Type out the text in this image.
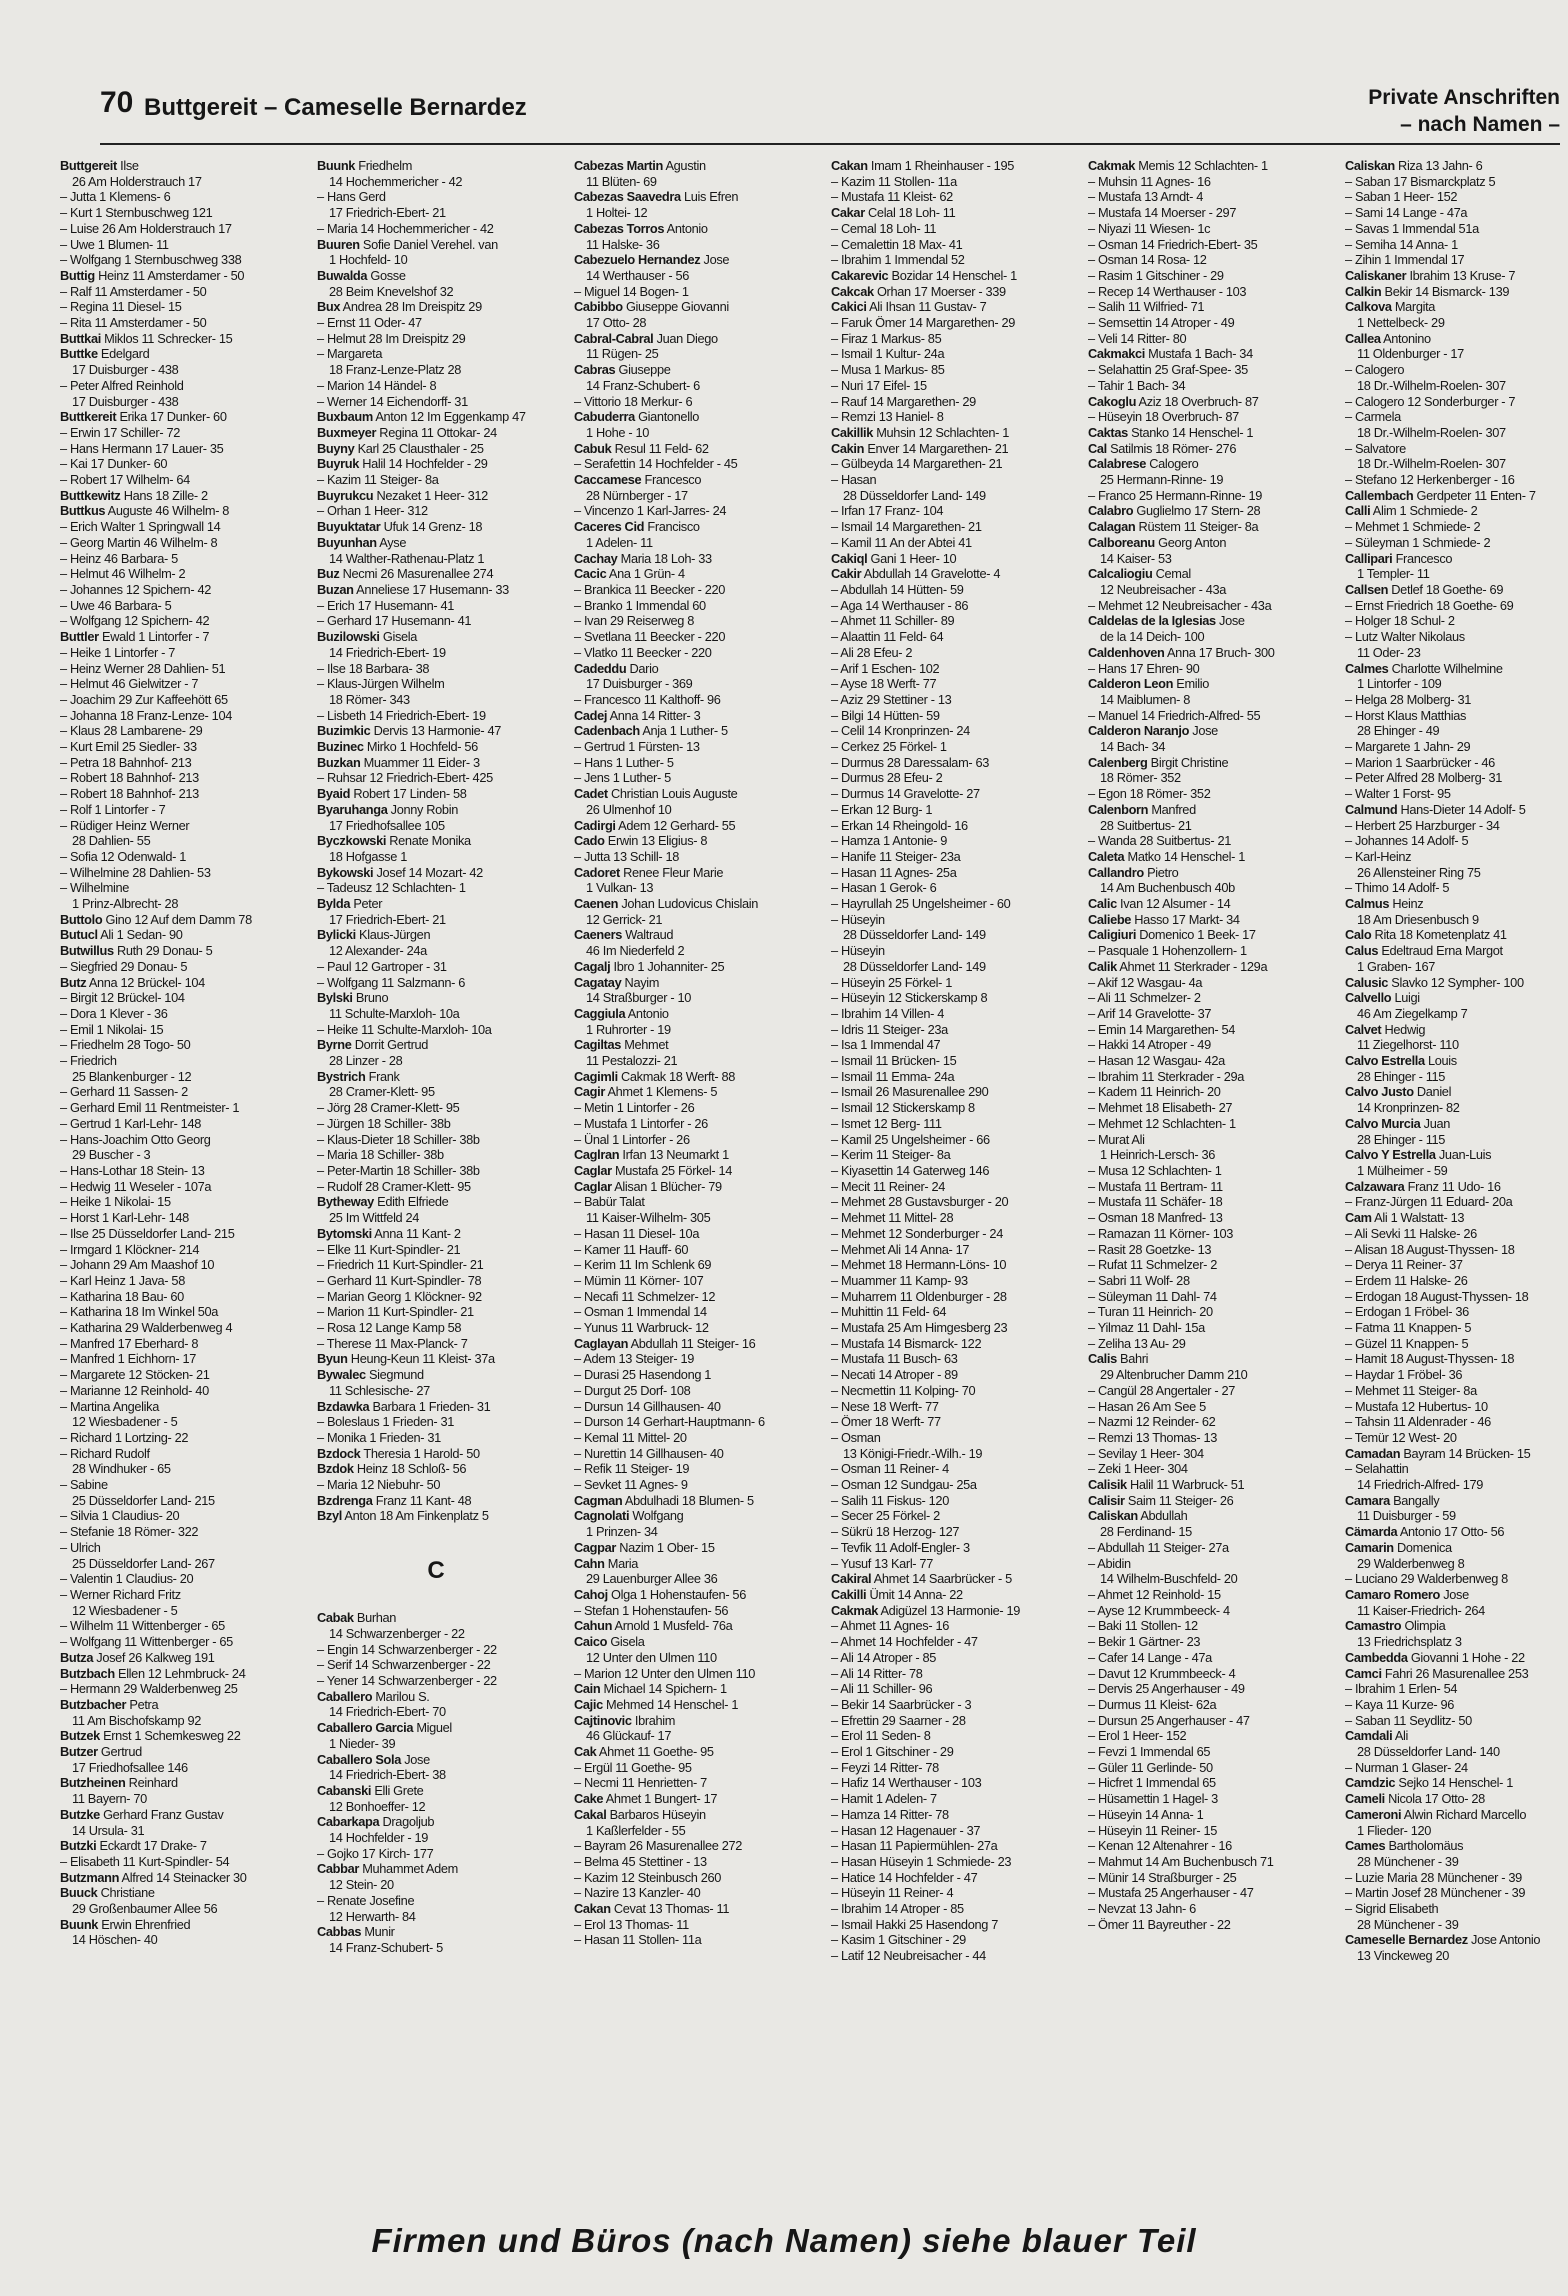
70 Buttgereit – Cameselle Bernardez	Private Anschriften
– nach Namen –
Buttgereit Ilse
26 Am Holderstrauch 17
– Jutta 1 Klemens- 6
– Kurt 1 Sternbuschweg 121
– Luise 26 Am Holderstrauch 17
– Uwe 1 Blumen- 11
– Wolfgang 1 Sternbuschweg 338
Buttig Heinz 11 Amsterdamer - 50
– Ralf 11 Amsterdamer - 50
– Regina 11 Diesel- 15
– Rita 11 Amsterdamer - 50
Buttkai Miklos 11 Schrecker- 15
Buttke Edelgard
17 Duisburger - 438
– Peter Alfred Reinhold
17 Duisburger - 438
Buttkereit Erika 17 Dunker- 60
– Erwin 17 Schiller- 72
– Hans Hermann 17 Lauer- 35
– Kai 17 Dunker- 60
– Robert 17 Wilhelm- 64
Buttkewitz Hans 18 Zille- 2
Buttkus Auguste 46 Wilhelm- 8
– Erich Walter 1 Springwall 14
– Georg Martin 46 Wilhelm- 8
– Heinz 46 Barbara- 5
– Helmut 46 Wilhelm- 2
– Johannes 12 Spichern- 42
– Uwe 46 Barbara- 5
– Wolfgang 12 Spichern- 42
Buttler Ewald 1 Lintorfer - 7
– Heike 1 Lintorfer - 7
– Heinz Werner 28 Dahlien- 51
– Helmut 46 Gielwitzer - 7
– Joachim 29 Zur Kaffeehött 65
– Johanna 18 Franz-Lenze- 104
– Klaus 28 Lambarene- 29
– Kurt Emil 25 Siedler- 33
– Petra 18 Bahnhof- 213
– Robert 18 Bahnhof- 213
– Robert 18 Bahnhof- 213
– Rolf 1 Lintorfer - 7
– Rüdiger Heinz Werner
28 Dahlien- 55
– Sofia 12 Odenwald- 1
– Wilhelmine 28 Dahlien- 53
– Wilhelmine
1 Prinz-Albrecht- 28
Buttolo Gino 12 Auf dem Damm 78
Butucl Ali 1 Sedan- 90
Butwillus Ruth 29 Donau- 5
– Siegfried 29 Donau- 5
Butz Anna 12 Brückel- 104
– Birgit 12 Brückel- 104
– Dora 1 Klever - 36
– Emil 1 Nikolai- 15
– Friedhelm 28 Togo- 50
– Friedrich
25 Blankenburger - 12
– Gerhard 11 Sassen- 2
– Gerhard Emil 11 Rentmeister- 1
– Gertrud 1 Karl-Lehr- 148
– Hans-Joachim Otto Georg
29 Buscher - 3
– Hans-Lothar 18 Stein- 13
– Hedwig 11 Weseler - 107a
– Heike 1 Nikolai- 15
– Horst 1 Karl-Lehr- 148
– Ilse 25 Düsseldorfer Land- 215
– Irmgard 1 Klöckner- 214
– Johann 29 Am Maashof 10
– Karl Heinz 1 Java- 58
– Katharina 18 Bau- 60
– Katharina 18 Im Winkel 50a
– Katharina 29 Walderbenweg 4
– Manfred 17 Eberhard- 8
– Manfred 1 Eichhorn- 17
– Margarete 12 Stöcken- 21
– Marianne 12 Reinhold- 40
– Martina Angelika
12 Wiesbadener - 5
– Richard 1 Lortzing- 22
– Richard Rudolf
28 Windhuker - 65
– Sabine
25 Düsseldorfer Land- 215
– Silvia 1 Claudius- 20
– Stefanie 18 Römer- 322
– Ulrich
25 Düsseldorfer Land- 267
– Valentin 1 Claudius- 20
– Werner Richard Fritz
12 Wiesbadener - 5
– Wilhelm 11 Wittenberger - 65
– Wolfgang 11 Wittenberger - 65
Butza Josef 26 Kalkweg 191
Butzbach Ellen 12 Lehmbruck- 24
– Hermann 29 Walderbenweg 25
Butzbacher Petra
11 Am Bischofskamp 92
Butzek Ernst 1 Schemkesweg 22
Butzer Gertrud
17 Friedhofsallee 146
Butzheinen Reinhard
11 Bayern- 70
Butzke Gerhard Franz Gustav
14 Ursula- 31
Butzki Eckardt 17 Drake- 7
– Elisabeth 11 Kurt-Spindler- 54
Butzmann Alfred 14 Steinacker 30
Buuck Christiane
29 Großenbaumer Allee 56
Buunk Erwin Ehrenfried
14 Höschen- 40
Buunk Friedhelm
14 Hochemmericher - 42
– Hans Gerd
17 Friedrich-Ebert- 21
– Maria 14 Hochemmericher - 42
Buuren Sofie Daniel Verehel. van
1 Hochfeld- 10
Buwalda Gosse
28 Beim Knevelshof 32
Bux Andrea 28 Im Dreispitz 29
– Ernst 11 Oder- 47
– Helmut 28 Im Dreispitz 29
– Margareta
18 Franz-Lenze-Platz 28
– Marion 14 Händel- 8
– Werner 14 Eichendorff- 31
Buxbaum Anton 12 Im Eggenkamp 47
Buxmeyer Regina 11 Ottokar- 24
Buyny Karl 25 Clausthaler - 25
Buyruk Halil 14 Hochfelder - 29
– Kazim 11 Steiger- 8a
Buyrukcu Nezaket 1 Heer- 312
– Orhan 1 Heer- 312
Buyuktatar Ufuk 14 Grenz- 18
Buyunhan Ayse
14 Walther-Rathenau-Platz 1
Buz Necmi 26 Masurenallee 274
Buzan Anneliese 17 Husemann- 33
– Erich 17 Husemann- 41
– Gerhard 17 Husemann- 41
Buzilowski Gisela
14 Friedrich-Ebert- 19
– Ilse 18 Barbara- 38
– Klaus-Jürgen Wilhelm
18 Römer- 343
– Lisbeth 14 Friedrich-Ebert- 19
Buzimkic Dervis 13 Harmonie- 47
Buzinec Mirko 1 Hochfeld- 56
Buzkan Muammer 11 Eider- 3
– Ruhsar 12 Friedrich-Ebert- 425
Byaid Robert 17 Linden- 58
Byaruhanga Jonny Robin
17 Friedhofsallee 105
Byczkowski Renate Monika
18 Hofgasse 1
Bykowski Josef 14 Mozart- 42
– Tadeusz 12 Schlachten- 1
Bylda Peter
17 Friedrich-Ebert- 21
Bylicki Klaus-Jürgen
12 Alexander- 24a
– Paul 12 Gartroper - 31
– Wolfgang 11 Salzmann- 6
Bylski Bruno
11 Schulte-Marxloh- 10a
– Heike 11 Schulte-Marxloh- 10a
Byrne Dorrit Gertrud
28 Linzer - 28
Bystrich Frank
28 Cramer-Klett- 95
– Jörg 28 Cramer-Klett- 95
– Jürgen 18 Schiller- 38b
– Klaus-Dieter 18 Schiller- 38b
– Maria 18 Schiller- 38b
– Peter-Martin 18 Schiller- 38b
– Rudolf 28 Cramer-Klett- 95
Bytheway Edith Elfriede
25 Im Wittfeld 24
Bytomski Anna 11 Kant- 2
– Elke 11 Kurt-Spindler- 21
– Friedrich 11 Kurt-Spindler- 21
– Gerhard 11 Kurt-Spindler- 78
– Marian Georg 1 Klöckner- 92
– Marion 11 Kurt-Spindler- 21
– Rosa 12 Lange Kamp 58
– Therese 11 Max-Planck- 7
Byun Heung-Keun 11 Kleist- 37a
Bywalec Siegmund
11 Schlesische- 27
Bzdawka Barbara 1 Frieden- 31
– Boleslaus 1 Frieden- 31
– Monika 1 Frieden- 31
Bzdock Theresia 1 Harold- 50
Bzdok Heinz 18 Schloß- 56
– Maria 12 Niebuhr- 50
Bzdrenga Franz 11 Kant- 48
Bzyl Anton 18 Am Finkenplatz 5
C
Cabak Burhan
14 Schwarzenberger - 22
– Engin 14 Schwarzenberger - 22
– Serif 14 Schwarzenberger - 22
– Yener 14 Schwarzenberger - 22
Caballero Marilou S.
14 Friedrich-Ebert- 70
Caballero Garcia Miguel
1 Nieder- 39
Caballero Sola Jose
14 Friedrich-Ebert- 38
Cabanski Elli Grete
12 Bonhoeffer- 12
Cabarkapa Dragoljub
14 Hochfelder - 19
– Gojko 17 Kirch- 177
Cabbar Muhammet Adem
12 Stein- 20
– Renate Josefine
12 Herwarth- 84
Cabbas Munir
14 Franz-Schubert- 5
Cabezas Martin Agustin
11 Blüten- 69
Cabezas Saavedra Luis Efren
1 Holtei- 12
Cabezas Torros Antonio
11 Halske- 36
Cabezuelo Hernandez Jose
14 Werthauser - 56
– Miguel 14 Bogen- 1
Cabibbo Giuseppe Giovanni
17 Otto- 28
Cabral-Cabral Juan Diego
11 Rügen- 25
Cabras Giuseppe
14 Franz-Schubert- 6
– Vittorio 18 Merkur- 6
Cabuderra Giantonello
1 Hohe - 10
Cabuk Resul 11 Feld- 62
– Serafettin 14 Hochfelder - 45
Caccamese Francesco
28 Nürnberger - 17
– Vincenzo 1 Karl-Jarres- 24
Caceres Cid Francisco
1 Adelen- 11
Cachay Maria 18 Loh- 33
Cacic Ana 1 Grün- 4
– Brankica 11 Beecker - 220
– Branko 1 Immendal 60
– Ivan 29 Reiserweg 8
– Svetlana 11 Beecker - 220
– Vlatko 11 Beecker - 220
Cadeddu Dario
17 Duisburger - 369
– Francesco 11 Kalthoff- 96
Cadej Anna 14 Ritter- 3
Cadenbach Anja 1 Luther- 5
– Gertrud 1 Fürsten- 13
– Hans 1 Luther- 5
– Jens 1 Luther- 5
Cadet Christian Louis Auguste
26 Ulmenhof 10
Cadirgi Adem 12 Gerhard- 55
Cado Erwin 13 Eligius- 8
– Jutta 13 Schill- 18
Cadoret Renee Fleur Marie
1 Vulkan- 13
Caenen Johan Ludovicus Chislain
12 Gerrick- 21
Caeners Waltraud
46 Im Niederfeld 2
Cagalj Ibro 1 Johanniter- 25
Cagatay Nayim
14 Straßburger - 10
Caggiula Antonio
1 Ruhrorter - 19
Cagiltas Mehmet
11 Pestalozzi- 21
Cagimli Cakmak 18 Werft- 88
Cagir Ahmet 1 Klemens- 5
– Metin 1 Lintorfer - 26
– Mustafa 1 Lintorfer - 26
– Ünal 1 Lintorfer - 26
Caglran Irfan 13 Neumarkt 1
Caglar Mustafa 25 Förkel- 14
Caglar Alisan 1 Blücher- 79
– Babür Talat
11 Kaiser-Wilhelm- 305
– Hasan 11 Diesel- 10a
– Kamer 11 Hauff- 60
– Kerim 11 Im Schlenk 69
– Mümin 11 Körner- 107
– Necafi 11 Schmelzer- 12
– Osman 1 Immendal 14
– Yunus 11 Warbruck- 12
Caglayan Abdullah 11 Steiger- 16
– Adem 13 Steiger- 19
– Durasi 25 Hasendong 1
– Durgut 25 Dorf- 108
– Dursun 14 Gillhausen- 40
– Durson 14 Gerhart-Hauptmann- 6
– Kemal 11 Mittel- 20
– Nurettin 14 Gillhausen- 40
– Refik 11 Steiger- 19
– Sevket 11 Agnes- 9
Cagman Abdulhadi 18 Blumen- 5
Cagnolati Wolfgang
1 Prinzen- 34
Cagpar Nazim 1 Ober- 15
Cahn Maria
29 Lauenburger Allee 36
Cahoj Olga 1 Hohenstaufen- 56
– Stefan 1 Hohenstaufen- 56
Cahun Arnold 1 Musfeld- 76a
Caico Gisela
12 Unter den Ulmen 110
– Marion 12 Unter den Ulmen 110
Cain Michael 14 Spichern- 1
Cajic Mehmed 14 Henschel- 1
Cajtinovic Ibrahim
46 Glückauf- 17
Cak Ahmet 11 Goethe- 95
– Ergül 11 Goethe- 95
– Necmi 11 Henrietten- 7
Cake Ahmet 1 Bungert- 17
Cakal Barbaros Hüseyin
1 Kaßlerfelder - 55
– Bayram 26 Masurenallee 272
– Belma 45 Stettiner - 13
– Kazim 12 Steinbusch 260
– Nazire 13 Kanzler- 40
Cakan Cevat 13 Thomas- 11
– Erol 13 Thomas- 11
– Hasan 11 Stollen- 11a
Cakan Imam 1 Rheinhauser - 195
– Kazim 11 Stollen- 11a
– Mustafa 11 Kleist- 62
Cakar Celal 18 Loh- 11
– Cemal 18 Loh- 11
– Cemalettin 18 Max- 41
– Ibrahim 1 Immendal 52
Cakarevic Bozidar 14 Henschel- 1
Cakcak Orhan 17 Moerser - 339
Cakici Ali Ihsan 11 Gustav- 7
– Faruk Ömer 14 Margarethen- 29
– Firaz 1 Markus- 85
– Ismail 1 Kultur- 24a
– Musa 1 Markus- 85
– Nuri 17 Eifel- 15
– Rauf 14 Margarethen- 29
– Remzi 13 Haniel- 8
Cakillik Muhsin 12 Schlachten- 1
Cakin Enver 14 Margarethen- 21
– Gülbeyda 14 Margarethen- 21
– Hasan
28 Düsseldorfer Land- 149
– Irfan 17 Franz- 104
– Ismail 14 Margarethen- 21
– Kamil 11 An der Abtei 41
Cakiql Gani 1 Heer- 10
Cakir Abdullah 14 Gravelotte- 4
– Abdullah 14 Hütten- 59
– Aga 14 Werthauser - 86
– Ahmet 11 Schiller- 89
– Alaattin 11 Feld- 64
– Ali 28 Efeu- 2
– Arif 1 Eschen- 102
– Ayse 18 Werft- 77
– Aziz 29 Stettiner - 13
– Bilgi 14 Hütten- 59
– Celil 14 Kronprinzen- 24
– Cerkez 25 Förkel- 1
– Durmus 28 Daressalam- 63
– Durmus 28 Efeu- 2
– Durmus 14 Gravelotte- 27
– Erkan 12 Burg- 1
– Erkan 14 Rheingold- 16
– Hamza 1 Antonie- 9
– Hanife 11 Steiger- 23a
– Hasan 11 Agnes- 25a
– Hasan 1 Gerok- 6
– Hayrullah 25 Ungelsheimer - 60
– Hüseyin
28 Düsseldorfer Land- 149
– Hüseyin
28 Düsseldorfer Land- 149
– Hüseyin 25 Förkel- 1
– Hüseyin 12 Stickerskamp 8
– Ibrahim 14 Villen- 4
– Idris 11 Steiger- 23a
– Isa 1 Immendal 47
– Ismail 11 Brücken- 15
– Ismail 11 Emma- 24a
– Ismail 26 Masurenallee 290
– Ismail 12 Stickerskamp 8
– Ismet 12 Berg- 111
– Kamil 25 Ungelsheimer - 66
– Kerim 11 Steiger- 8a
– Kiyasettin 14 Gaterweg 146
– Mecit 11 Reiner- 24
– Mehmet 28 Gustavsburger - 20
– Mehmet 11 Mittel- 28
– Mehmet 12 Sonderburger - 24
– Mehmet Ali 14 Anna- 17
– Mehmet 18 Hermann-Löns- 10
– Muammer 11 Kamp- 93
– Muharrem 11 Oldenburger - 28
– Muhittin 11 Feld- 64
– Mustafa 25 Am Himgesberg 23
– Mustafa 14 Bismarck- 122
– Mustafa 11 Busch- 63
– Necati 14 Atroper - 89
– Necmettin 11 Kolping- 70
– Nese 18 Werft- 77
– Ömer 18 Werft- 77
– Osman
13 Königi-Friedr.-Wilh.- 19
– Osman 11 Reiner- 4
– Osman 12 Sundgau- 25a
– Salih 11 Fiskus- 120
– Secer 25 Förkel- 2
– Sükrü 18 Herzog- 127
– Tevfik 11 Adolf-Engler- 3
– Yusuf 13 Karl- 77
Cakiral Ahmet 14 Saarbrücker - 5
Cakilli Ümit 14 Anna- 22
Cakmak Adigüzel 13 Harmonie- 19
– Ahmet 11 Agnes- 16
– Ahmet 14 Hochfelder - 47
– Ali 14 Atroper - 85
– Ali 14 Ritter- 78
– Ali 11 Schiller- 96
– Bekir 14 Saarbrücker - 3
– Efrettin 29 Saarner - 28
– Erol 11 Seden- 8
– Erol 1 Gitschiner - 29
– Feyzi 14 Ritter- 78
– Hafiz 14 Werthauser - 103
– Hamit 1 Adelen- 7
– Hamza 14 Ritter- 78
– Hasan 12 Hagenauer - 37
– Hasan 11 Papiermühlen- 27a
– Hasan Hüseyin 1 Schmiede- 23
– Hatice 14 Hochfelder - 47
– Hüseyin 11 Reiner- 4
– Ibrahim 14 Atroper - 85
– Ismail Hakki 25 Hasendong 7
– Kasim 1 Gitschiner - 29
– Latif 12 Neubreisacher - 44
Cakmak Memis 12 Schlachten- 1
– Muhsin 11 Agnes- 16
– Mustafa 13 Arndt- 4
– Mustafa 14 Moerser - 297
– Niyazi 11 Wiesen- 1c
– Osman 14 Friedrich-Ebert- 35
– Osman 14 Rosa- 12
– Rasim 1 Gitschiner - 29
– Recep 14 Werthauser - 103
– Salih 11 Wilfried- 71
– Semsettin 14 Atroper - 49
– Veli 14 Ritter- 80
Cakmakci Mustafa 1 Bach- 34
– Selahattin 25 Graf-Spee- 35
– Tahir 1 Bach- 34
Cakoglu Aziz 18 Overbruch- 87
– Hüseyin 18 Overbruch- 87
Caktas Stanko 14 Henschel- 1
Cal Satilmis 18 Römer- 276
Calabrese Calogero
25 Hermann-Rinne- 19
– Franco 25 Hermann-Rinne- 19
Calabro Guglielmo 17 Stern- 28
Calagan Rüstem 11 Steiger- 8a
Calboreanu Georg Anton
14 Kaiser- 53
Calcaliogiu Cemal
12 Neubreisacher - 43a
– Mehmet 12 Neubreisacher - 43a
Caldelas de la Iglesias Jose
de la 14 Deich- 100
Caldenhoven Anna 17 Bruch- 300
– Hans 17 Ehren- 90
Calderon Leon Emilio
14 Maiblumen- 8
– Manuel 14 Friedrich-Alfred- 55
Calderon Naranjo Jose
14 Bach- 34
Calenberg Birgit Christine
18 Römer- 352
– Egon 18 Römer- 352
Calenborn Manfred
28 Suitbertus- 21
– Wanda 28 Suitbertus- 21
Caleta Matko 14 Henschel- 1
Callandro Pietro
14 Am Buchenbusch 40b
Calic Ivan 12 Alsumer - 14
Caliebe Hasso 17 Markt- 34
Caligiuri Domenico 1 Beek- 17
– Pasquale 1 Hohenzollern- 1
Calik Ahmet 11 Sterkrader - 129a
– Akif 12 Wasgau- 4a
– Ali 11 Schmelzer- 2
– Arif 14 Gravelotte- 37
– Emin 14 Margarethen- 54
– Hakki 14 Atroper - 49
– Hasan 12 Wasgau- 42a
– Ibrahim 11 Sterkrader - 29a
– Kadem 11 Heinrich- 20
– Mehmet 18 Elisabeth- 27
– Mehmet 12 Schlachten- 1
– Murat Ali
1 Heinrich-Lersch- 36
– Musa 12 Schlachten- 1
– Mustafa 11 Bertram- 11
– Mustafa 11 Schäfer- 18
– Osman 18 Manfred- 13
– Ramazan 11 Körner- 103
– Rasit 28 Goetzke- 13
– Rufat 11 Schmelzer- 2
– Sabri 11 Wolf- 28
– Süleyman 11 Dahl- 74
– Turan 11 Heinrich- 20
– Yilmaz 11 Dahl- 15a
– Zeliha 13 Au- 29
Calis Bahri
29 Altenbrucher Damm 210
– Cangül 28 Angertaler - 27
– Hasan 26 Am See 5
– Nazmi 12 Reinder- 62
– Remzi 13 Thomas- 13
– Sevilay 1 Heer- 304
– Zeki 1 Heer- 304
Calisik Halil 11 Warbruck- 51
Calisir Saim 11 Steiger- 26
Caliskan Abdullah
28 Ferdinand- 15
– Abdullah 11 Steiger- 27a
– Abidin
14 Wilhelm-Buschfeld- 20
– Ahmet 12 Reinhold- 15
– Ayse 12 Krummbeeck- 4
– Baki 11 Stollen- 12
– Bekir 1 Gärtner- 23
– Cafer 14 Lange - 47a
– Davut 12 Krummbeeck- 4
– Dervis 25 Angerhauser - 49
– Durmus 11 Kleist- 62a
– Dursun 25 Angerhauser - 47
– Erol 1 Heer- 152
– Fevzi 1 Immendal 65
– Güler 11 Gerlinde- 50
– Hicfret 1 Immendal 65
– Hüsamettin 1 Hagel- 3
– Hüseyin 14 Anna- 1
– Hüseyin 11 Reiner- 15
– Kenan 12 Altenahrer - 16
– Mahmut 14 Am Buchenbusch 71
– Münir 14 Straßburger - 25
– Mustafa 25 Angerhauser - 47
– Nevzat 13 Jahn- 6
– Ömer 11 Bayreuther - 22
Caliskan Riza 13 Jahn- 6
– Saban 17 Bismarckplatz 5
– Saban 1 Heer- 152
– Sami 14 Lange - 47a
– Savas 1 Immendal 51a
– Semiha 14 Anna- 1
– Zihin 1 Immendal 17
Caliskaner Ibrahim 13 Kruse- 7
Calkin Bekir 14 Bismarck- 139
Calkova Margita
1 Nettelbeck- 29
Callea Antonino
11 Oldenburger - 17
– Calogero
18 Dr.-Wilhelm-Roelen- 307
– Calogero 12 Sonderburger - 7
– Carmela
18 Dr.-Wilhelm-Roelen- 307
– Salvatore
18 Dr.-Wilhelm-Roelen- 307
– Stefano 12 Herkenberger - 16
Callembach Gerdpeter 11 Enten- 7
Calli Alim 1 Schmiede- 2
– Mehmet 1 Schmiede- 2
– Süleyman 1 Schmiede- 2
Callipari Francesco
1 Templer- 11
Callsen Detlef 18 Goethe- 69
– Ernst Friedrich 18 Goethe- 69
– Holger 18 Schul- 2
– Lutz Walter Nikolaus
11 Oder- 23
Calmes Charlotte Wilhelmine
1 Lintorfer - 109
– Helga 28 Molberg- 31
– Horst Klaus Matthias
28 Ehinger - 49
– Margarete 1 Jahn- 29
– Marion 1 Saarbrücker - 46
– Peter Alfred 28 Molberg- 31
– Walter 1 Forst- 95
Calmund Hans-Dieter 14 Adolf- 5
– Herbert 25 Harzburger - 34
– Johannes 14 Adolf- 5
– Karl-Heinz
26 Allensteiner Ring 75
– Thimo 14 Adolf- 5
Calmus Heinz
18 Am Driesenbusch 9
Calo Rita 18 Kometenplatz 41
Calus Edeltraud Erna Margot
1 Graben- 167
Calusic Slavko 12 Sympher- 100
Calvello Luigi
46 Am Ziegelkamp 7
Calvet Hedwig
11 Ziegelhorst- 110
Calvo Estrella Louis
28 Ehinger - 115
Calvo Justo Daniel
14 Kronprinzen- 82
Calvo Murcia Juan
28 Ehinger - 115
Calvo Y Estrella Juan-Luis
1 Mülheimer - 59
Calzawara Franz 11 Udo- 16
– Franz-Jürgen 11 Eduard- 20a
Cam Ali 1 Walstatt- 13
– Ali Sevki 11 Halske- 26
– Alisan 18 August-Thyssen- 18
– Derya 11 Reiner- 37
– Erdem 11 Halske- 26
– Erdogan 18 August-Thyssen- 18
– Erdogan 1 Fröbel- 36
– Fatma 11 Knappen- 5
– Güzel 11 Knappen- 5
– Hamit 18 August-Thyssen- 18
– Haydar 1 Fröbel- 36
– Mehmet 11 Steiger- 8a
– Mustafa 12 Hubertus- 10
– Tahsin 11 Aldenrader - 46
– Temür 12 West- 20
Camadan Bayram 14 Brücken- 15
– Selahattin
14 Friedrich-Alfred- 179
Camara Bangally
11 Duisburger - 59
Cämarda Antonio 17 Otto- 56
Camarin Domenica
29 Walderbenweg 8
– Luciano 29 Walderbenweg 8
Camaro Romero Jose
11 Kaiser-Friedrich- 264
Camastro Olimpia
13 Friedrichsplatz 3
Cambedda Giovanni 1 Hohe - 22
Camci Fahri 26 Masurenallee 253
– Ibrahim 1 Erlen- 54
– Kaya 11 Kurze- 96
– Saban 11 Seydlitz- 50
Camdali Ali
28 Düsseldorfer Land- 140
– Nurman 1 Glaser- 24
Camdzic Sejko 14 Henschel- 1
Cameli Nicola 17 Otto- 28
Cameroni Alwin Richard Marcello
1 Flieder- 120
Cames Bartholomäus
28 Münchener - 39
– Luzie Maria 28 Münchener - 39
– Martin Josef 28 Münchener - 39
– Sigrid Elisabeth
28 Münchener - 39
Cameselle Bernardez Jose Antonio
13 Vinckeweg 20
Firmen und Büros (nach Namen) siehe blauer Teil
